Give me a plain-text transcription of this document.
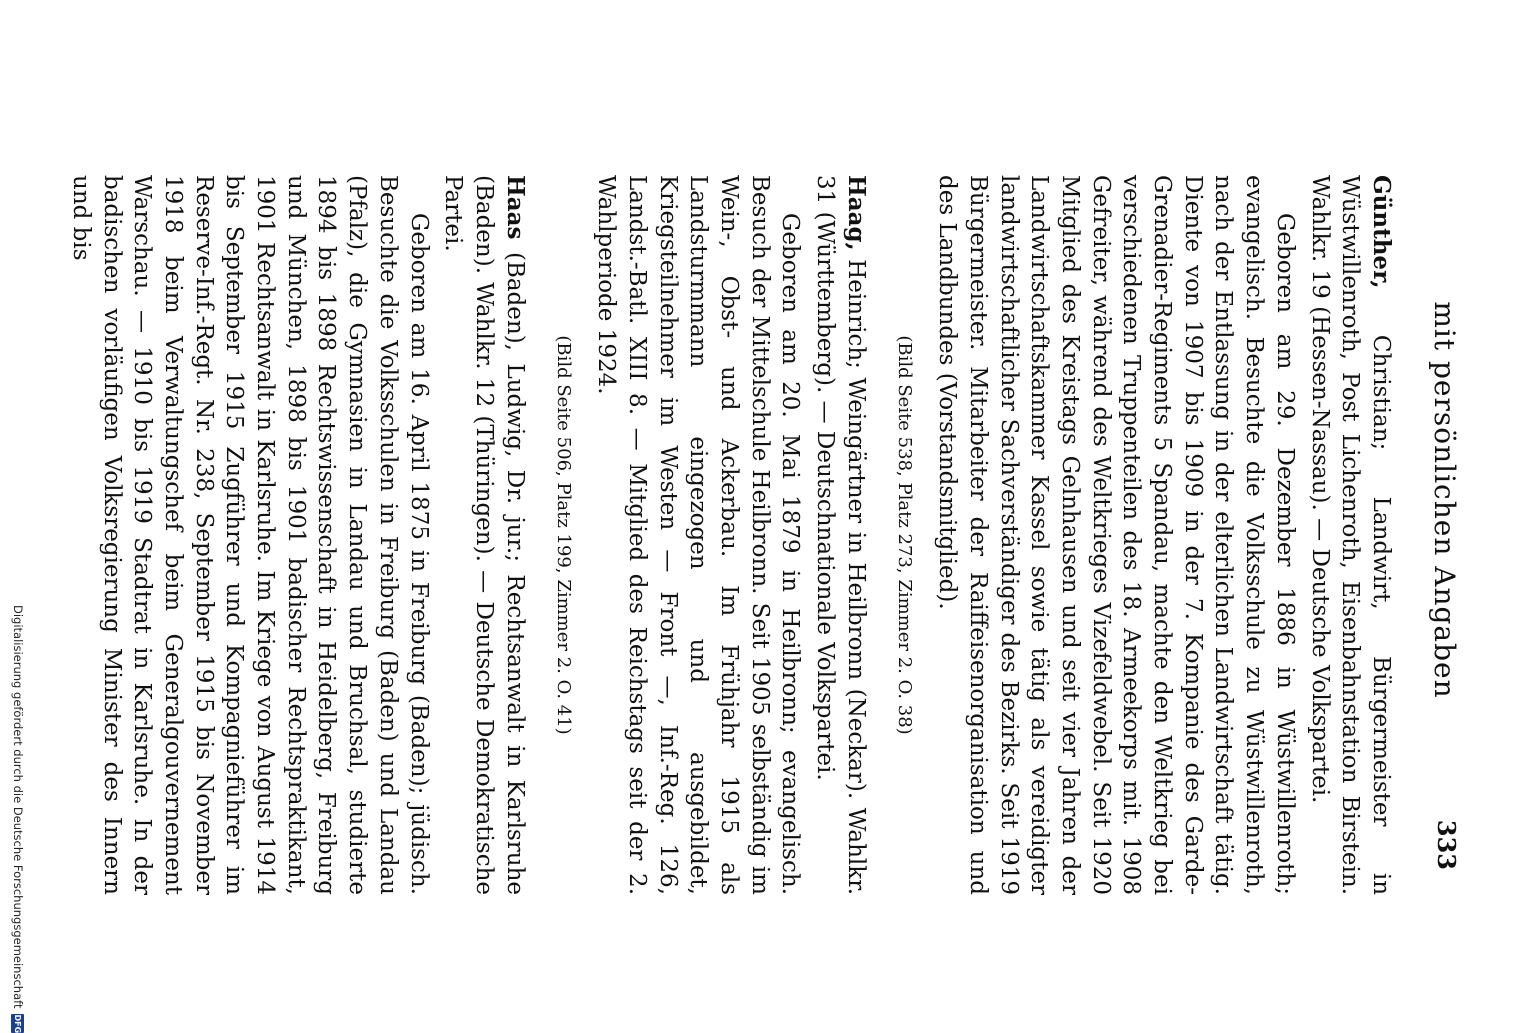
mit persönlichen Angaben
333

Günther, Christian; Landwirt, Bürgermeister in Wüstwillenroth, Post Lichenroth, Eisenbahnstation Birstein. Wahlkr. 19 (Hessen-Nassau). — Deutsche Volkspartei.

Geboren am 29. Dezember 1886 in Wüstwillenroth; evangelisch. Besuchte die Volksschule zu Wüstwillenroth, nach der Entlassung in der elterlichen Landwirtschaft tätig. Diente von 1907 bis 1909 in der 7. Kompanie des Garde-Grenadier-Regiments 5 Spandau, machte den Weltkrieg bei verschiedenen Truppenteilen des 18. Armeekorps mit. 1908 Gefreiter, während des Weltkrieges Vizefeldwebel. Seit 1920 Mitglied des Kreistags Gelnhausen und seit vier Jahren der Landwirtschaftskammer Kassel sowie tätig als vereidigter landwirtschaftlicher Sachverständiger des Bezirks. Seit 1919 Bürgermeister. Mitarbeiter der Raiffeisenorganisation und des Landbundes (Vorstandsmitglied).

(Bild Seite 538, Platz 273, Zimmer 2. O. 38)

Haag, Heinrich; Weingärtner in Heilbronn (Neckar). Wahlkr. 31 (Württemberg). — Deutschnationale Volkspartei.

Geboren am 20. Mai 1879 in Heilbronn; evangelisch. Besuch der Mittelschule Heilbronn. Seit 1905 selbständig im Wein-, Obst- und Ackerbau. Im Frühjahr 1915 als Landsturmmann eingezogen und ausgebildet, Kriegsteilnehmer im Westen — Front —, Inf.-Reg. 126, Landst.-Batl. XIII 8. — Mitglied des Reichstags seit der 2. Wahlperiode 1924.

(Bild Seite 506, Platz 199, Zimmer 2. O. 41)

Haas (Baden), Ludwig, Dr. jur.; Rechtsanwalt in Karlsruhe (Baden). Wahlkr. 12 (Thüringen). — Deutsche Demokratische Partei.

Geboren am 16. April 1875 in Freiburg (Baden); jüdisch. Besuchte die Volksschulen in Freiburg (Baden) und Landau (Pfalz), die Gymnasien in Landau und Bruchsal, studierte 1894 bis 1898 Rechtswissenschaft in Heidelberg, Freiburg und München, 1898 bis 1901 badischer Rechtspraktikant, 1901 Rechtsanwalt in Karlsruhe. Im Kriege von August 1914 bis September 1915 Zugführer und Kompagnieführer im Reserve-Inf.-Regt. Nr. 238, September 1915 bis November 1918 beim Verwaltungschef beim Generalgouvernement Warschau. — 1910 bis 1919 Stadtrat in Karlsruhe. In der badischen vorläufigen Volksregierung Minister des Innern und bis

Digitalisierung gefördert durch die Deutsche Forschungsgemeinschaft
DFG
